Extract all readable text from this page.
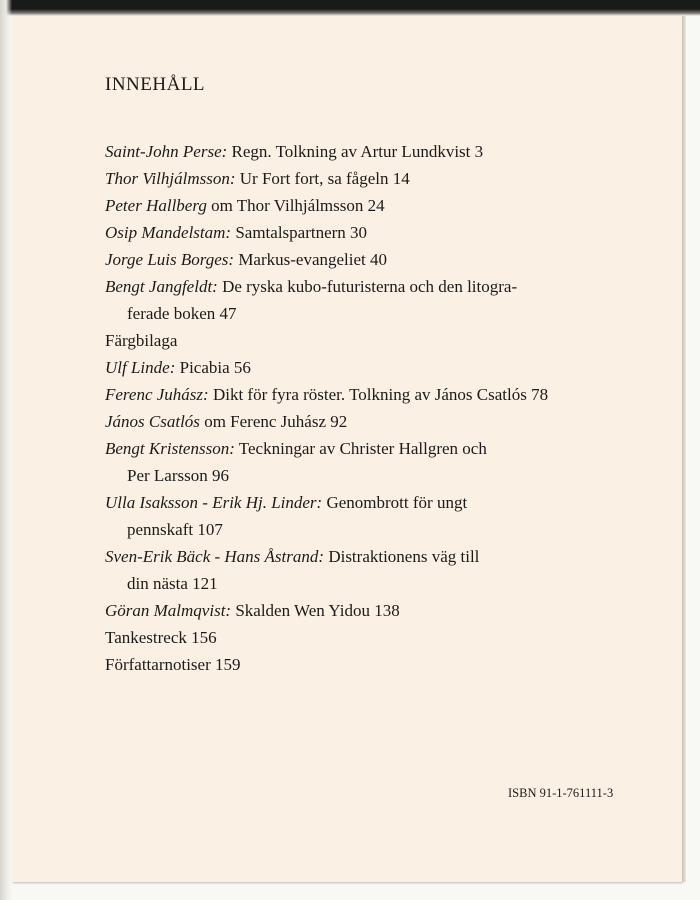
INNEHÅLL
Saint-John Perse: Regn. Tolkning av Artur Lundkvist 3
Thor Vilhjálmsson: Ur Fort fort, sa fågeln 14
Peter Hallberg om Thor Vilhjálmsson 24
Osip Mandelstam: Samtalspartnern 30
Jorge Luis Borges: Markus-evangeliet 40
Bengt Jangfeldt: De ryska kubo-futuristerna och den litogra-
ferade boken 47
Färgbilaga
Ulf Linde: Picabia 56
Ferenc Juhász: Dikt för fyra röster. Tolkning av János Csatlós 78
János Csatlós om Ferenc Juhász 92
Bengt Kristensson: Teckningar av Christer Hallgren och
Per Larsson 96
Ulla Isaksson - Erik Hj. Linder: Genombrott för ungt
pennskaft 107
Sven-Erik Bäck - Hans Åstrand: Distraktionens väg till
din nästa 121
Göran Malmqvist: Skalden Wen Yidou 138
Tankestreck 156
Författarnotiser 159
ISBN 91-1-761111-3
